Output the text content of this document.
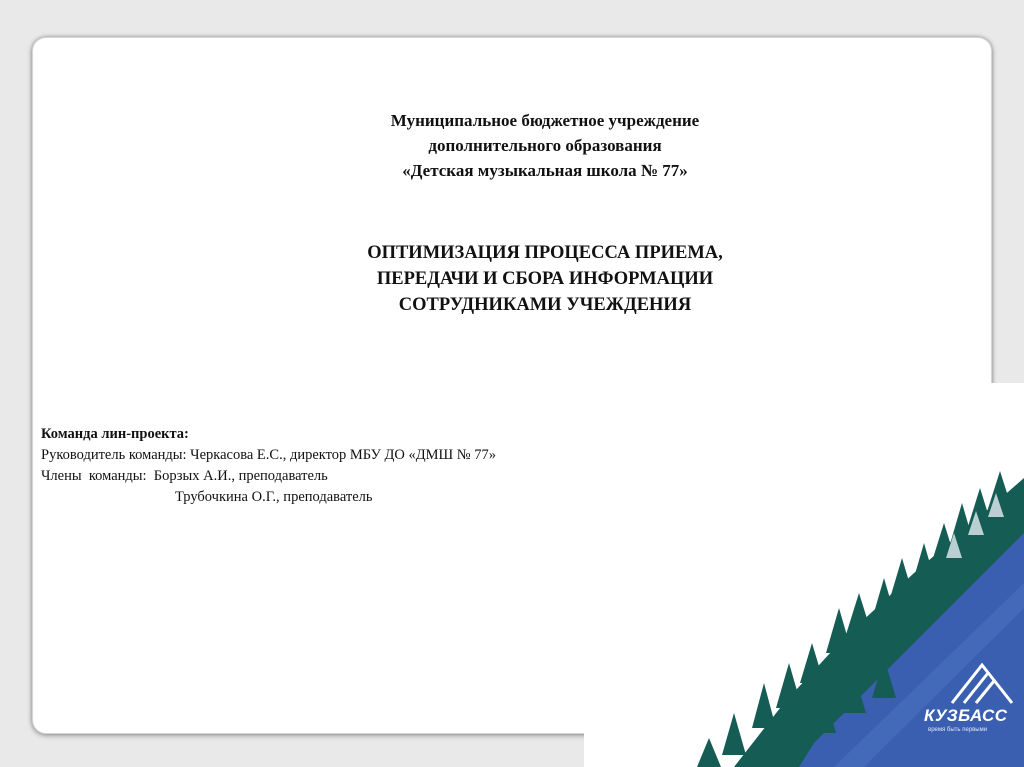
Муниципальное бюджетное учреждение
дополнительного образования
«Детская музыкальная школа № 77»
ОПТИМИЗАЦИЯ ПРОЦЕССА ПРИЕМА,
ПЕРЕДАЧИ И СБОРА ИНФОРМАЦИИ
СОТРУДНИКАМИ УЧЕЖДЕНИЯ
Команда лин-проекта:
Руководитель команды: Черкасова Е.С., директор МБУ ДО «ДМШ № 77»
Члены  команды:  Борзых А.И., преподаватель
Трубочкина О.Г., преподаватель
КУЗБАСС
время быть первыми
